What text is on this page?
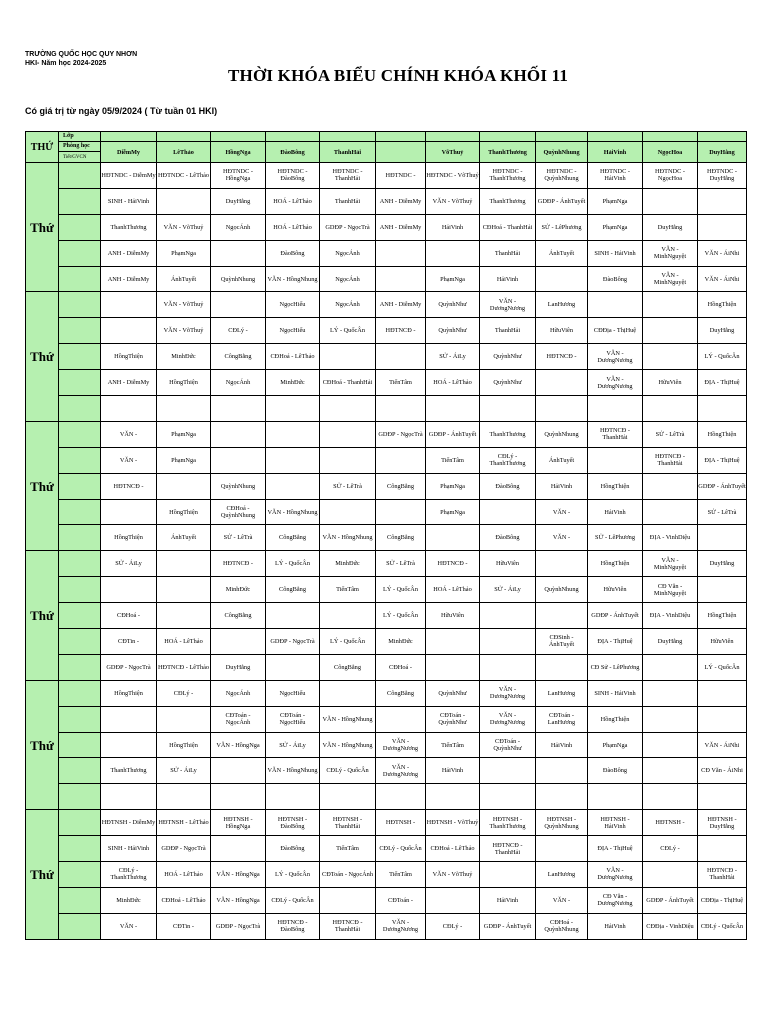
TRƯỜNG QUỐC HỌC QUY NHƠN
HKI- Năm học 2024-2025
THỜI KHÓA BIỂU CHÍNH KHÓA KHỐI 11
Có giá trị từ ngày 05/9/2024 ( Từ tuần 01 HKI)
THỨ	Lớp												
	Phòng học	DiễmMy	LêThảo	HồngNga	ĐàoBông	ThanhHải		VõThuỷ	ThanhThương	QuỳnhNhung	HảiVinh	NgọcHoa	DuyHằng
	Tiết/GVCN												
Thứ		HĐTNDC - DiễmMy	HĐTNDC - LêThảo	HĐTNDC - HồngNga	HĐTNDC - ĐàoBông	HĐTNDC - ThanhHải	HĐTNDC -	HĐTNDC - VõThuỷ	HĐTNDC - ThanhThương	HĐTNDC - QuỳnhNhung	HĐTNDC - HảiVinh	HĐTNDC - NgọcHoa	HĐTNDC - DuyHằng

		SINH - HảiVinh		DuyHằng	HOÁ - LêThảo	ThanhHải	ANH - DiễmMy	VĂN - VõThuỷ	ThanhThương	GDĐP - ÁnhTuyết	PhạmNga		

		ThanhThương	VĂN - VõThuỷ	NgọcÁnh	HOÁ - LêThảo	GDĐP - NgọcTrà	ANH - DiễmMy	HảiVinh	CĐHoá - ThanhHải	SỬ - LêPhương	PhạmNga	DuyHằng	

		ANH - DiễmMy	PhạmNga		ĐàoBông	NgọcÁnh			ThanhHải	ÁnhTuyết	SINH - HảiVinh	VĂN - MinhNguyệt	VĂN - ÁiNhi

		ANH - DiễmMy	ÁnhTuyết	QuỳnhNhung	VĂN - HồngNhung	NgọcÁnh		PhạmNga	HảiVinh		ĐàoBông	VĂN - MinhNguyệt	VĂN - ÁiNhi

Thứ			VĂN - VõThuỷ		NgọcHiếu	NgọcÁnh	ANH - DiễmMy	QuỳnhNhư	VĂN - DươngNương	LanHương			HồngThiện

			VĂN - VõThuỷ	CĐLý -	NgọcHiếu	LÝ - QuốcÂn	HĐTNCĐ -	QuỳnhNhư	ThanhHải	HữuViên	CĐĐịa - ThịHuệ		DuyHằng

		HồngThiện	MinhĐức	CôngBằng	CĐHoá - LêThảo			SỬ - ÁiLy	QuỳnhNhư	HĐTNCĐ -	VĂN - DươngNương		LÝ - QuốcÂn

		ANH - DiễmMy	HồngThiện	NgọcÁnh	MinhĐức	CĐHoá - ThanhHải	TiếnTâm	HOÁ - LêThảo	QuỳnhNhư		VĂN - DươngNương	HữuViên	ĐỊA - ThịHuệ

Thứ		VĂN -	PhạmNga				GDĐP - NgọcTrà	GDĐP - ÁnhTuyết	ThanhThương	QuỳnhNhung	HĐTNCĐ - ThanhHải	SỬ - LêTrà	HồngThiện

		VĂN -	PhạmNga					TiếnTâm	CĐLý - ThanhThương	ÁnhTuyết		HĐTNCĐ - ThanhHải	ĐỊA - ThịHuệ

		HĐTNCĐ -		QuỳnhNhung		SỬ - LêTrà	CôngBằng	PhạmNga	ĐàoBông	HảiVinh	HồngThiện		GDĐP - ÁnhTuyết

			HồngThiện	CĐHoá - QuỳnhNhung	VĂN - HồngNhung			PhạmNga		VĂN -	HảiVinh		SỬ - LêTrà

		HồngThiện	ÁnhTuyết	SỬ - LêTrà	CôngBằng	VĂN - HồngNhung	CôngBằng		ĐàoBông	VĂN -	SỬ - LêPhương	ĐỊA - VinhDiệu	

Thứ		SỬ - ÁiLy		HĐTNCĐ -	LÝ - QuốcÂn	MinhĐức	SỬ - LêTrà	HĐTNCĐ -	HữuViên		HồngThiện	VĂN - MinhNguyệt	DuyHằng

				MinhĐức	CôngBằng	TiếnTâm	LÝ - QuốcÂn	HOÁ - LêThảo	SỬ - ÁiLy	QuỳnhNhung	HữuViên	CĐ Văn - MinhNguyệt	

		CĐHoá -		CôngBằng			LÝ - QuốcÂn	HữuViên			GDĐP - ÁnhTuyết	ĐỊA - VinhDiệu	HồngThiện

		CĐTin -	HOÁ - LêThảo		GDĐP - NgọcTrà	LÝ - QuốcÂn	MinhĐức			CĐSinh - ÁnhTuyết	ĐỊA - ThịHuệ	DuyHằng	HữuViên

		GDĐP - NgọcTrà	HĐTNCĐ - LêThảo	DuyHằng		CôngBằng	CĐHoá -				CĐ Sử - LêPhương		LÝ - QuốcÂn

Thứ		HồngThiện	CĐLý -	NgọcÁnh	NgọcHiếu		CôngBằng	QuỳnhNhư	VĂN - DươngNương	LanHương	SINH - HảiVinh		

				CĐToán - NgọcÁnh	CĐToán - NgọcHiếu	VĂN - HồngNhung		CĐToán - QuỳnhNhư	VĂN - DươngNương	CĐToán - LanHương	HồngThiện		

			HồngThiện	VĂN - HồngNga	SỬ - ÁiLy	VĂN - HồngNhung	VĂN - DươngNương	TiếnTâm	CĐToán - QuỳnhNhư	HảiVinh	PhạmNga		VĂN - ÁiNhi

		ThanhThương	SỬ - ÁiLy		VĂN - HồngNhung	CĐLý - QuốcÂn	VĂN - DươngNương	HảiVinh			ĐàoBông		CĐ Văn - ÁiNhi

Thứ		HĐTNSH - DiễmMy	HĐTNSH - LêThảo	HĐTNSH - HồngNga	HĐTNSH - ĐàoBông	HĐTNSH - ThanhHải	HĐTNSH -	HĐTNSH - VõThuỷ	HĐTNSH - ThanhThương	HĐTNSH - QuỳnhNhung	HĐTNSH - HảiVinh	HĐTNSH -	HĐTNSH - DuyHằng

		SINH - HảiVinh	GDĐP - NgọcTrà		ĐàoBông	TiếnTâm	CĐLý - QuốcÂn	CĐHoá - LêThảo	HĐTNCĐ - ThanhHải		ĐỊA - ThịHuệ	CĐLý -	

		CĐLý - ThanhThương	HOÁ - LêThảo	VĂN - HồngNga	LÝ - QuốcÂn	CĐToán - NgọcÁnh	TiếnTâm	VĂN - VõThuỷ		LanHương	VĂN - DươngNương		HĐTNCĐ - ThanhHải

		MinhĐức	CĐHoá - LêThảo	VĂN - HồngNga	CĐLý - QuốcÂn		CĐToán -		HảiVinh	VĂN -	CĐ Văn - DươngNương	GDĐP - ÁnhTuyết	CĐĐịa - ThịHuệ

		VĂN -	CĐTin -	GDĐP - NgọcTrà	HĐTNCĐ - ĐàoBông	HĐTNCĐ - ThanhHải	VĂN - DươngNương	CĐLý -	GDĐP - ÁnhTuyết	CĐHoá - QuỳnhNhung	HảiVinh	CĐĐịa - VinhDiệu	CĐLý - QuốcÂn
